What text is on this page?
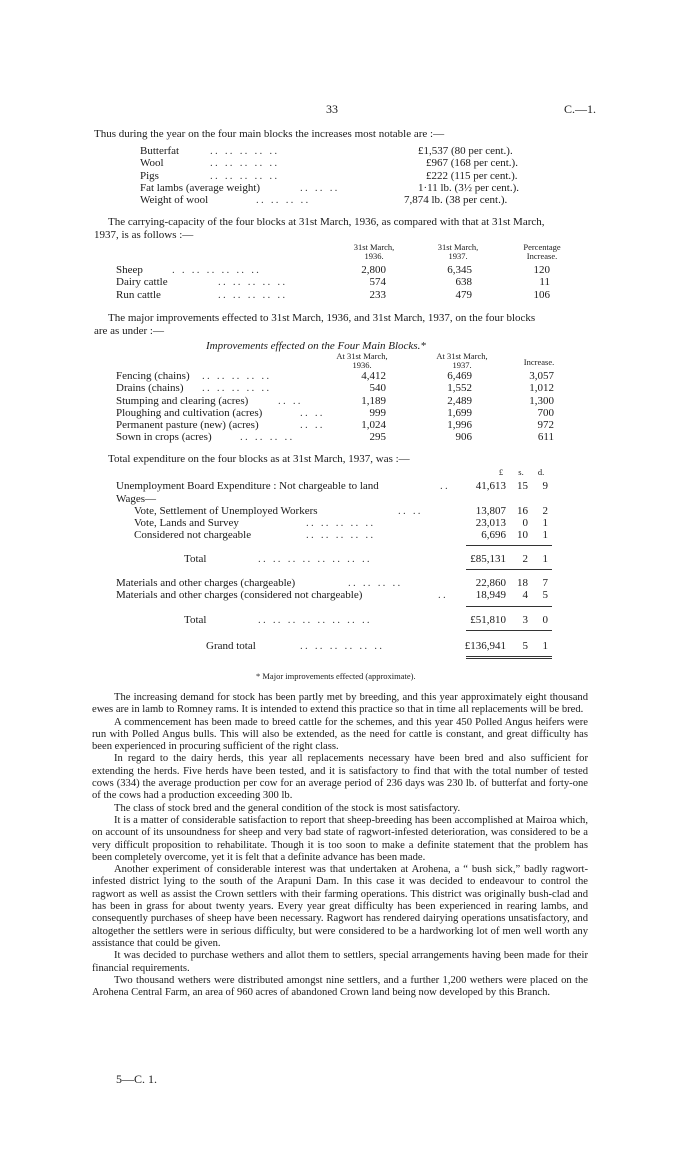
33	C.—1.
Thus during the year on the four main blocks the increases most notable are :—
Butterfat	.. .. .. .. ..	£1,537 (80 per cent.).
Wool	.. .. .. .. ..	£967 (168 per cent.).
Pigs	.. .. .. .. ..	£222 (115 per cent.).
Fat lambs (average weight)	.. .. ..	1·11 lb. (3½ per cent.).
Weight of wool	.. .. .. ..	7,874 lb. (38 per cent.).
The carrying-capacity of the four blocks at 31st March, 1936, as compared with that at 31st March,
1937, is as follows :—
31st March, 1936.
31st March, 1937.
Percentage Increase.
Sheep	. . .. .. .. .. ..	2,800	6,345	120
Dairy cattle	.. .. .. .. ..	574	638	11
Run cattle	.. .. .. .. ..	233	479	106
The major improvements effected to 31st March, 1936, and 31st March, 1937, on the four blocks
are as under :—
Improvements effected on the Four Main Blocks.*
At 31st March, 1936.
At 31st March, 1937.	Increase.
Fencing (chains) .. .. .. .. ..	4,412	6,469	3,057
Drains (chains) .. .. .. .. ..	540	1,552	1,012
Stumping and clearing (acres)	.. ..	1,189	2,489	1,300
Ploughing and cultivation (acres)	.. ..	999	1,699	700
Permanent pasture (new) (acres)	.. ..	1,024	1,996	972
Sown in crops (acres)	.. .. .. ..	295	906	611
Total expenditure on the four blocks as at 31st March, 1937, was :—
£	s.	d.
Unemployment Board Expenditure : Not chargeable to land	..	41,613	15	9
Wages—
Vote, Settlement of Unemployed Workers	.. ..	13,807	16	2
Vote, Lands and Survey	.. .. .. .. ..	23,013	0	1
Considered not chargeable	.. .. .. .. ..	6,696	10	1
Total	.. .. .. .. .. .. .. ..	£85,131	2	1
Materials and other charges (chargeable)	.. .. .. ..	22,860	18	7
Materials and other charges (considered not chargeable)	..	18,949	4	5
Total	.. .. .. .. .. .. .. ..	£51,810	3	0
Grand total	.. .. .. .. .. ..	£136,941	5	1
* Major improvements effected (approximate).

The increasing demand for stock has been partly met by breeding, and this year approximately eight thousand ewes are in lamb to Romney rams. It is intended to extend this practice so that in time all replacements will be bred.

A commencement has been made to breed cattle for the schemes, and this year 450 Polled Angus heifers were run with Polled Angus bulls. This will also be extended, as the need for cattle is constant, and great difficulty has been experienced in procuring sufficient of the right class.

In regard to the dairy herds, this year all replacements necessary have been bred and also sufficient for extending the herds. Five herds have been tested, and it is satisfactory to find that with the total number of tested cows (334) the average production per cow for an average period of 236 days was 230 lb. of butterfat and forty-one of the cows had a production exceeding 300 lb.

The class of stock bred and the general condition of the stock is most satisfactory.

It is a matter of considerable satisfaction to report that sheep-breeding has been accomplished at Mairoa which, on account of its unsoundness for sheep and very bad state of ragwort-infested deterioration, was considered to be a very difficult proposition to rehabilitate. Though it is too soon to make a definite statement that the problem has been completely overcome, yet it is felt that a definite advance has been made.

Another experiment of considerable interest was that undertaken at Arohena, a “ bush sick,” badly ragwort-infested district lying to the south of the Arapuni Dam. In this case it was decided to endeavour to control the ragwort as well as assist the Crown settlers with their farming operations. This district was originally bush-clad and has been in grass for about twenty years. Every year great difficulty has been experienced in rearing lambs, and consequently purchases of sheep have been necessary. Ragwort has rendered dairying operations unsatisfactory, and altogether the settlers were in serious difficulty, but were considered to be a hardworking lot of men well worth any assistance that could be given.

It was decided to purchase wethers and allot them to settlers, special arrangements having been made for their financial requirements.

Two thousand wethers were distributed amongst nine settlers, and a further 1,200 wethers were placed on the Arohena Central Farm, an area of 960 acres of abandoned Crown land being now developed by this Branch.

5—C. 1.
